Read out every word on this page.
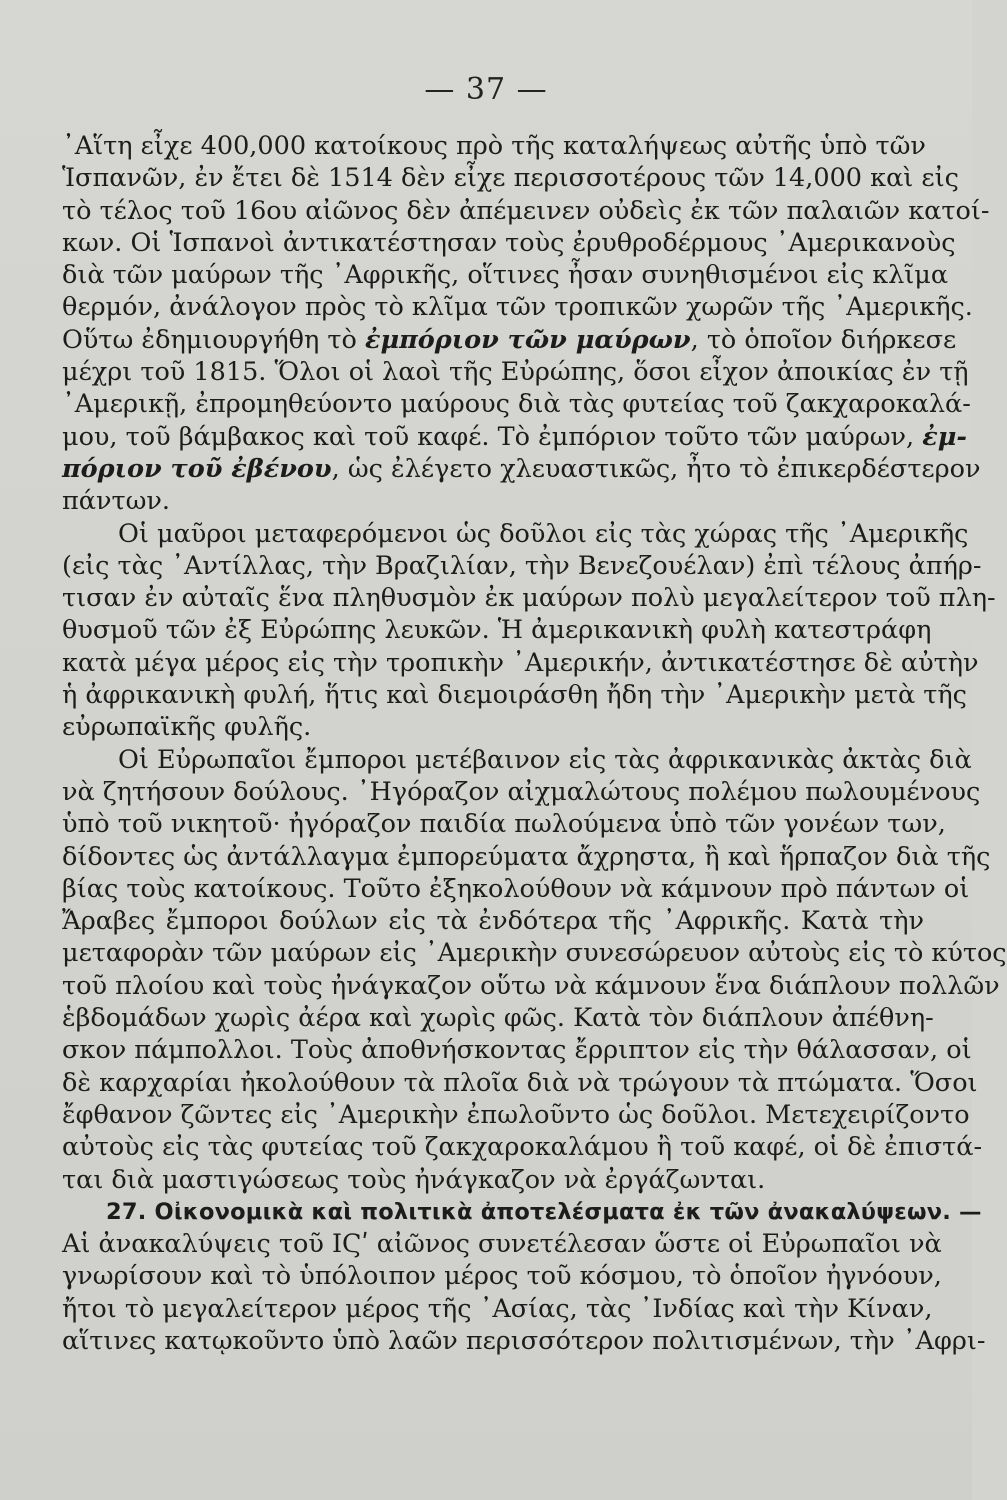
— 37 —
᾽Αἵτη εἶχε 400,000 κατοίκους πρὸ τῆς καταλήψεως αὐτῆς ὑπὸ τῶν
Ἱσπανῶν, ἐν ἔτει δὲ 1514 δὲν εἶχε περισσοτέρους τῶν 14,000 καὶ εἰς
τὸ τέλος τοῦ 16ου αἰῶνος δὲν ἀπέμεινεν οὐδεὶς ἐκ τῶν παλαιῶν κατοί-
κων. Οἱ Ἱσπανοὶ ἀντικατέστησαν τοὺς ἐρυθροδέρμους ᾽Αμερικανοὺς
διὰ τῶν μαύρων τῆς ᾽Αφρικῆς, οἵτινες ἦσαν συνηθισμένοι εἰς κλῖμα
θερμόν, ἀνάλογον πρὸς τὸ κλῖμα τῶν τροπικῶν χωρῶν τῆς ᾽Αμερικῆς.
Οὕτω ἐδημιουργήθη τὸ ἐμπόριον τῶν μαύρων, τὸ ὁποῖον διήρκεσε
μέχρι τοῦ 1815. Ὅλοι οἱ λαοὶ τῆς Εὐρώπης, ὅσοι εἶχον ἀποικίας ἐν τῇ
᾽Αμερικῇ, ἐπρομηθεύοντο μαύρους διὰ τὰς φυτείας τοῦ ζακχαροκαλά-
μου, τοῦ βάμβακος καὶ τοῦ καφέ. Τὸ ἐμπόριον τοῦτο τῶν μαύρων, ἐμ-
πόριον τοῦ ἐβένου, ὡς ἐλέγετο χλευαστικῶς, ἦτο τὸ ἐπικερδέστερον
πάντων.
Οἱ μαῦροι μεταφερόμενοι ὡς δοῦλοι εἰς τὰς χώρας τῆς ᾽Αμερικῆς
(εἰς τὰς ᾽Αντίλλας, τὴν Βραζιλίαν, τὴν Βενεζουέλαν) ἐπὶ τέλους ἀπήρ-
τισαν ἐν αὐταῖς ἕνα πληθυσμὸν ἐκ μαύρων πολὺ μεγαλείτερον τοῦ πλη-
θυσμοῦ τῶν ἐξ Εὐρώπης λευκῶν. Ἡ ἀμερικανικὴ φυλὴ κατεστράφη
κατὰ μέγα μέρος εἰς τὴν τροπικὴν ᾽Αμερικήν, ἀντικατέστησε δὲ αὐτὴν
ἡ ἀφρικανικὴ φυλή, ἥτις καὶ διεμοιράσθη ἤδη τὴν ᾽Αμερικὴν μετὰ τῆς
εὐρωπαϊκῆς φυλῆς.
Οἱ Εὐρωπαῖοι ἔμποροι μετέβαινον εἰς τὰς ἀφρικανικὰς ἀκτὰς διὰ
νὰ ζητήσουν δούλους. ᾽Ηγόραζον αἰχμαλώτους πολέμου πωλουμένους
ὑπὸ τοῦ νικητοῦ· ἠγόραζον παιδία πωλούμενα ὑπὸ τῶν γονέων των,
δίδοντες ὡς ἀντάλλαγμα ἐμπορεύματα ἄχρηστα, ἢ καὶ ἥρπαζον διὰ τῆς
βίας τοὺς κατοίκους. Τοῦτο ἐξηκολούθουν νὰ κάμνουν πρὸ πάντων οἱ
Ἄραβες ἔμποροι δούλων εἰς τὰ ἐνδότερα τῆς ᾽Αφρικῆς. Κατὰ τὴν
μεταφορὰν τῶν μαύρων εἰς ᾽Αμερικὴν συνεσώρευον αὐτοὺς εἰς τὸ κύτος
τοῦ πλοίου καὶ τοὺς ἠνάγκαζον οὕτω νὰ κάμνουν ἕνα διάπλουν πολλῶν
ἑβδομάδων χωρὶς ἀέρα καὶ χωρὶς φῶς. Κατὰ τὸν διάπλουν ἀπέθνη-
σκον πάμπολλοι. Τοὺς ἀποθνήσκοντας ἔρριπτον εἰς τὴν θάλασσαν, οἱ
δὲ καρχαρίαι ἠκολούθουν τὰ πλοῖα διὰ νὰ τρώγουν τὰ πτώματα. Ὅσοι
ἔφθανον ζῶντες εἰς ᾽Αμερικὴν ἐπωλοῦντο ὡς δοῦλοι. Μετεχειρίζοντο
αὐτοὺς εἰς τὰς φυτείας τοῦ ζακχαροκαλάμου ἢ τοῦ καφέ, οἱ δὲ ἐπιστά-
ται διὰ μαστιγώσεως τοὺς ἠνάγκαζον νὰ ἐργάζωνται.
27. Οἰκονομικὰ καὶ πολιτικὰ ἀποτελέσματα ἐκ τῶν ἀνακαλύψεων. —
Αἱ ἀνακαλύψεις τοῦ ΙϚʹ αἰῶνος συνετέλεσαν ὥστε οἱ Εὐρωπαῖοι νὰ
γνωρίσουν καὶ τὸ ὑπόλοιπον μέρος τοῦ κόσμου, τὸ ὁποῖον ἠγνόουν,
ἤτοι τὸ μεγαλείτερον μέρος τῆς ᾽Ασίας, τὰς ᾽Ινδίας καὶ τὴν Κίναν,
αἵτινες κατῳκοῦντο ὑπὸ λαῶν περισσότερον πολιτισμένων, τὴν ᾽Αφρι-
